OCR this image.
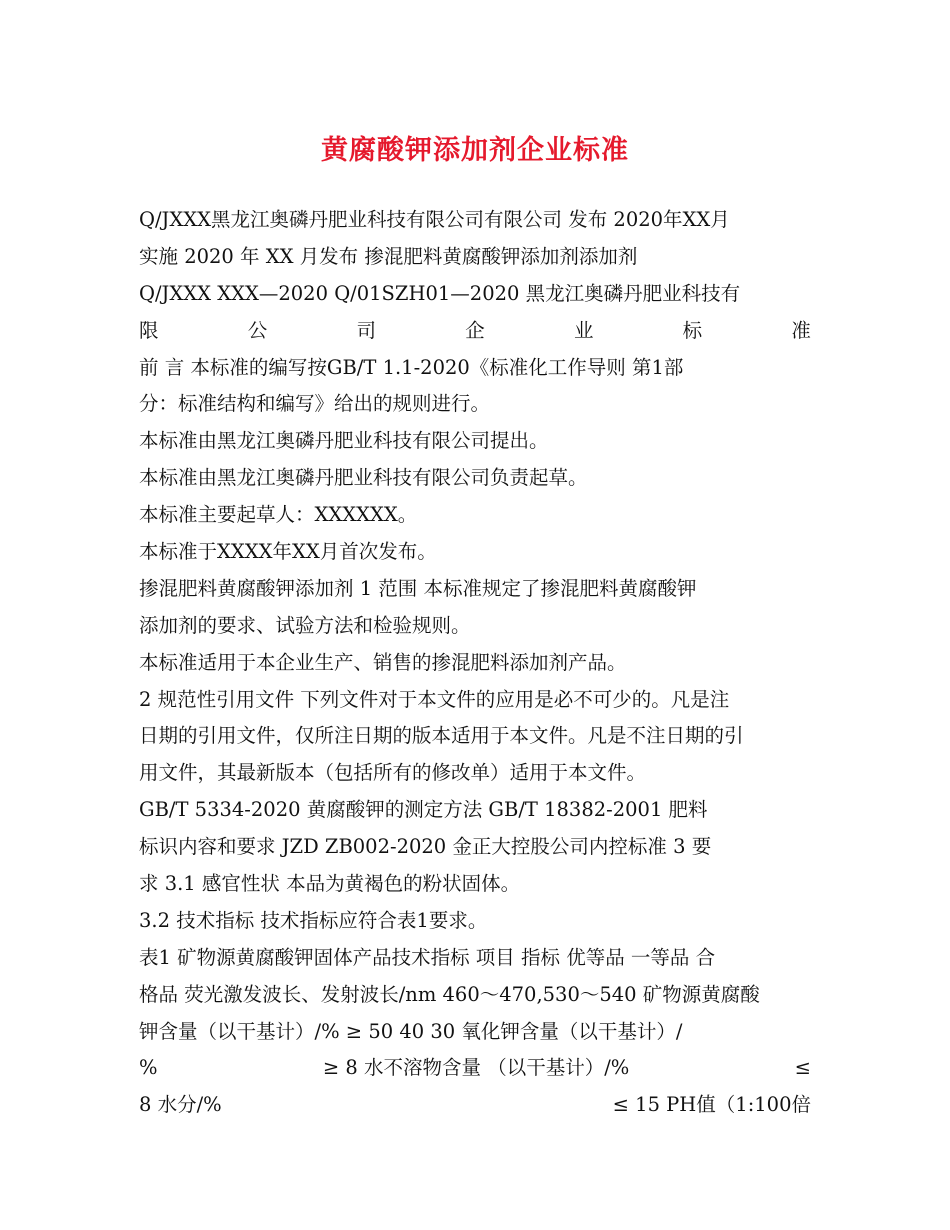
黄腐酸钾添加剂企业标准
Q/JXXX黑龙江奥磷丹肥业科技有限公司有限公司 发布 2020年XX月
实施 2020 年 XX 月发布 掺混肥料黄腐酸钾添加剂添加剂
Q/JXXX XXX—2020 Q/01SZH01—2020 黑龙江奥磷丹肥业科技有
限	公	司	企	业	标	准
前 言 本标准的编写按GB/T 1.1-2020《标准化工作导则 第1部
分：标准结构和编写》给出的规则进行。
本标准由黑龙江奥磷丹肥业科技有限公司提出。
本标准由黑龙江奥磷丹肥业科技有限公司负责起草。
本标准主要起草人：XXXXXX。
本标准于XXXX年XX月首次发布。
掺混肥料黄腐酸钾添加剂 1 范围 本标准规定了掺混肥料黄腐酸钾
添加剂的要求、试验方法和检验规则。
本标准适用于本企业生产、销售的掺混肥料添加剂产品。
2 规范性引用文件 下列文件对于本文件的应用是必不可少的。凡是注
日期的引用文件，仅所注日期的版本适用于本文件。凡是不注日期的引
用文件，其最新版本（包括所有的修改单）适用于本文件。
GB/T 5334-2020 黄腐酸钾的测定方法 GB/T 18382-2001 肥料
标识内容和要求 JZD ZB002-2020 金正大控股公司内控标准 3 要
求 3.1 感官性状 本品为黄褐色的粉状固体。
3.2 技术指标 技术指标应符合表1要求。
表1 矿物源黄腐酸钾固体产品技术指标 项目 指标 优等品 一等品 合
格品 荧光激发波长、发射波长/nm 460～470,530～540 矿物源黄腐酸
钾含量（以干基计）/% ≥ 50 40 30 氧化钾含量（以干基计）/
%	≥ 8 水不溶物含量 （以干基计）/%	≤
8 水分/%	≤ 15 PH值（1:100倍
